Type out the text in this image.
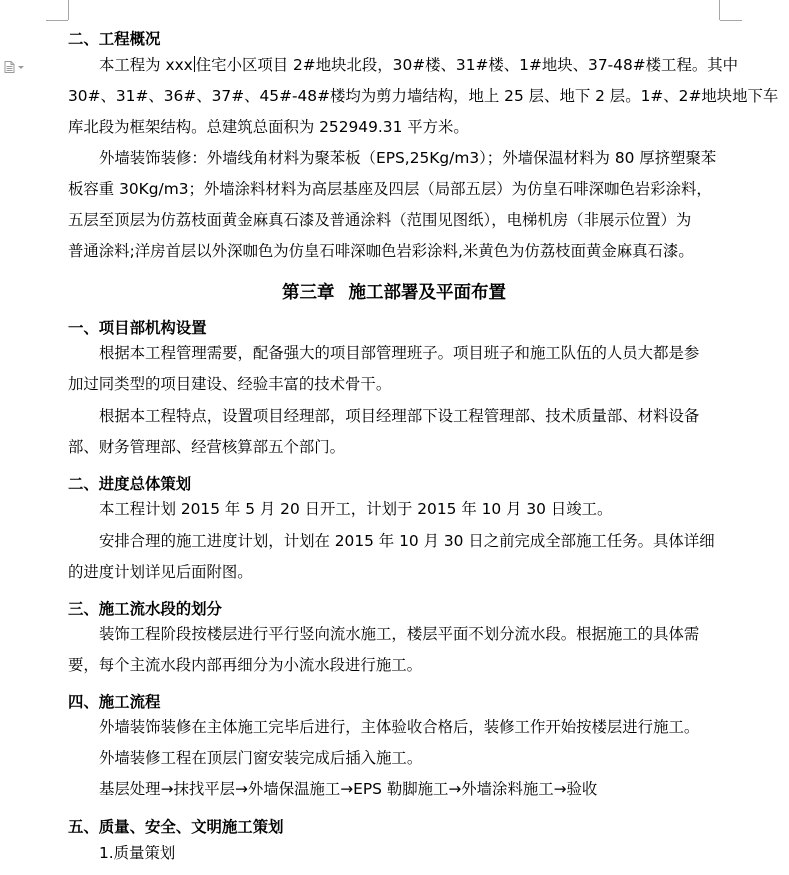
二、工程概况
本工程为 xxx 住宅小区项目 2#地块北段，30#楼、31#楼、1#地块、37-48#楼工程。其中
30#、31#、36#、37#、45#-48#楼均为剪力墙结构，地上 25 层、地下 2 层。1#、2#地块地下车
库北段为框架结构。总建筑总面积为 252949.31 平方米。
外墙装饰装修：外墙线角材料为聚苯板（EPS,25Kg/m3）；外墙保温材料为 80 厚挤塑聚苯
板容重 30Kg/m3；外墙涂料材料为高层基座及四层（局部五层）为仿皇石啡深咖色岩彩涂料，
五层至顶层为仿荔枝面黄金麻真石漆及普通涂料（范围见图纸），电梯机房（非展示位置）为
普通涂料;洋房首层以外深咖色为仿皇石啡深咖色岩彩涂料,米黄色为仿荔枝面黄金麻真石漆。
第三章 施工部署及平面布置
一、项目部机构设置
根据本工程管理需要，配备强大的项目部管理班子。项目班子和施工队伍的人员大都是参
加过同类型的项目建设、经验丰富的技术骨干。
根据本工程特点，设置项目经理部，项目经理部下设工程管理部、技术质量部、材料设备
部、财务管理部、经营核算部五个部门。
二、进度总体策划
本工程计划 2015 年 5 月 20 日开工，计划于 2015 年 10 月 30 日竣工。
安排合理的施工进度计划，计划在 2015 年 10 月 30 日之前完成全部施工任务。具体详细
的进度计划详见后面附图。
三、施工流水段的划分
装饰工程阶段按楼层进行平行竖向流水施工，楼层平面不划分流水段。根据施工的具体需
要，每个主流水段内部再细分为小流水段进行施工。
四、施工流程
外墙装饰装修在主体施工完毕后进行，主体验收合格后，装修工作开始按楼层进行施工。
外墙装修工程在顶层门窗安装完成后插入施工。
基层处理→抹找平层→外墙保温施工→EPS 勒脚施工→外墙涂料施工→验收
五、质量、安全、文明施工策划
1.质量策划
